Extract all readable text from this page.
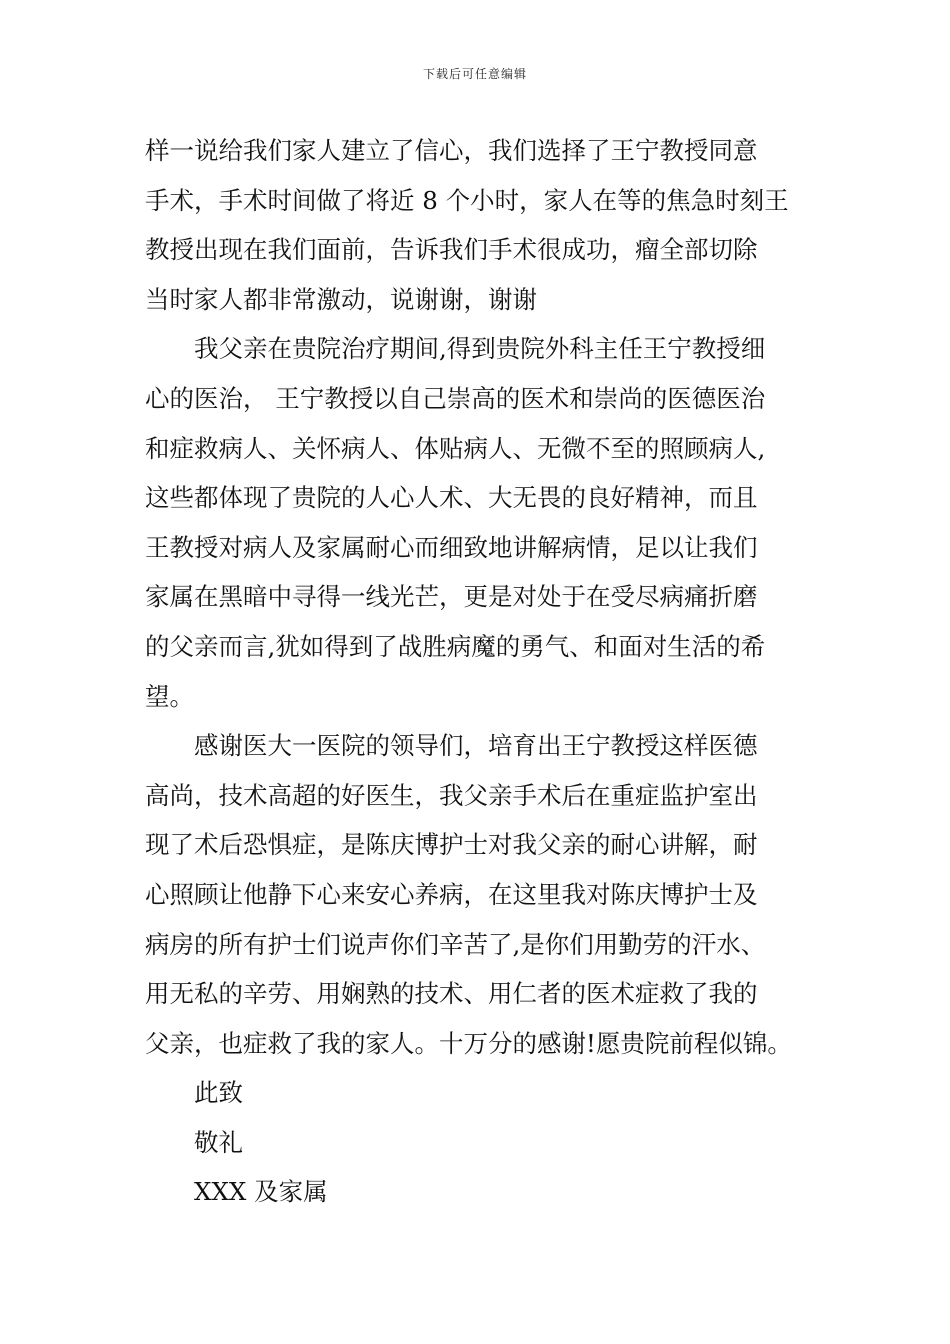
下载后可任意编辑
样一说给我们家人建立了信心，我们选择了王宁教授同意
手术，手术时间做了将近 8 个小时，家人在等的焦急时刻王
教授出现在我们面前，告诉我们手术很成功，瘤全部切除
当时家人都非常激动，说谢谢，谢谢
我父亲在贵院治疗期间,得到贵院外科主任王宁教授细
心的医治， 王宁教授以自己崇高的医术和崇尚的医德医治
和症救病人、关怀病人、体贴病人、无微不至的照顾病人,
这些都体现了贵院的人心人术、大无畏的良好精神，而且
王教授对病人及家属耐心而细致地讲解病情，足以让我们
家属在黑暗中寻得一线光芒，更是对处于在受尽病痛折磨
的父亲而言,犹如得到了战胜病魔的勇气、和面对生活的希
望。
感谢医大一医院的领导们，培育出王宁教授这样医德
高尚，技术高超的好医生，我父亲手术后在重症监护室出
现了术后恐惧症，是陈庆博护士对我父亲的耐心讲解，耐
心照顾让他静下心来安心养病，在这里我对陈庆博护士及
病房的所有护士们说声你们辛苦了,是你们用勤劳的汗水、
用无私的辛劳、用娴熟的技术、用仁者的医术症救了我的
父亲，也症救了我的家人。十万分的感谢!愿贵院前程似锦。
此致
敬礼
XXX 及家属
